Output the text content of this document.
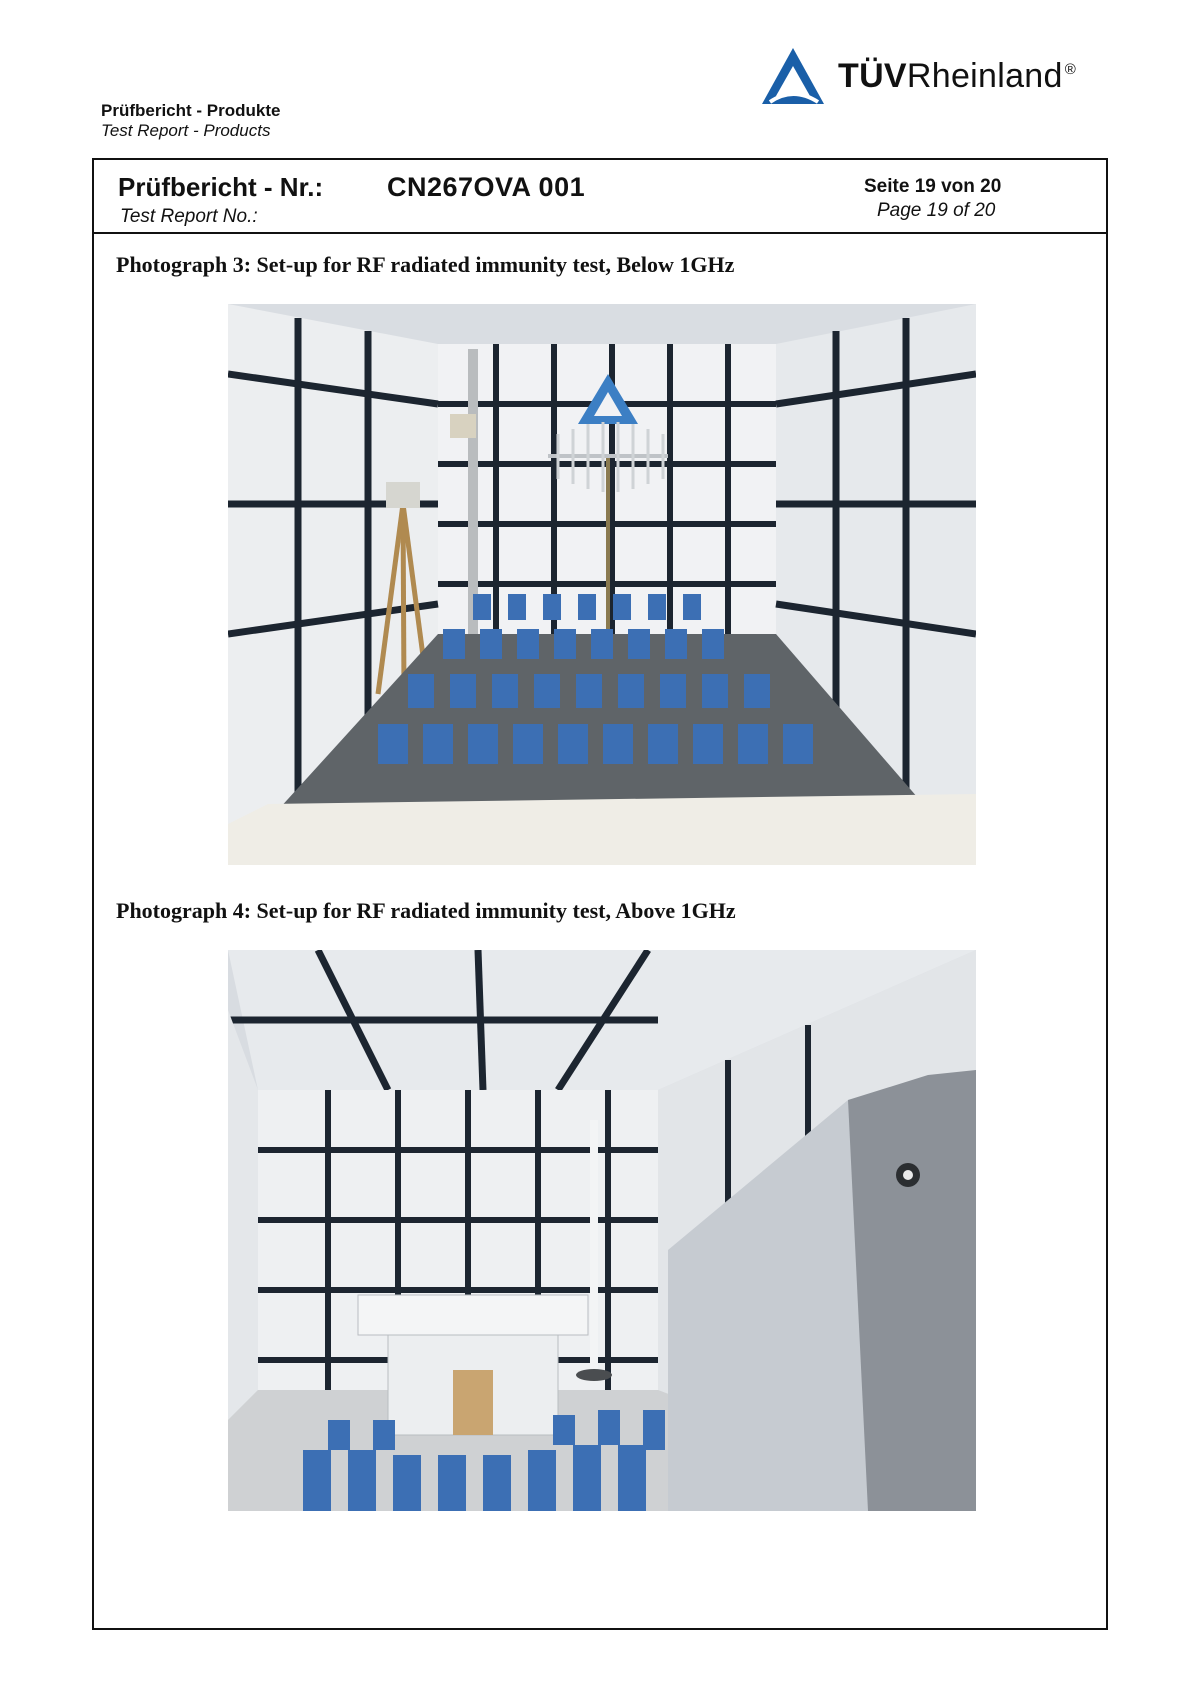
Prüfbericht - Produkte
Test Report - Products
TÜVRheinland ®
Prüfbericht - Nr.:
Test Report No.:
CN267OVA 001	Seite 19 von 20
Page 19 of 20
Photograph 3: Set-up for RF radiated immunity test, Below 1GHz
Photograph 4: Set-up for RF radiated immunity test, Above 1GHz
